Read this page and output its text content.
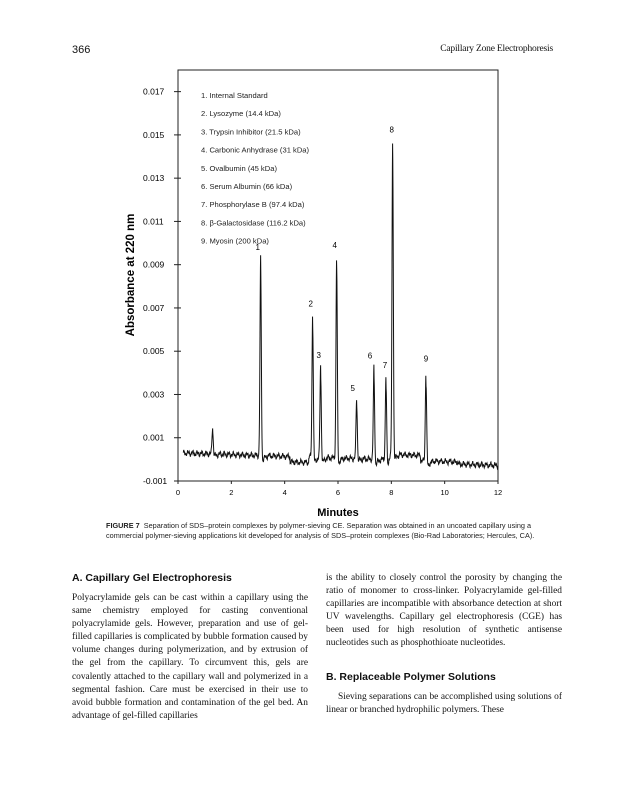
366	Capillary Zone Electrophoresis
0.017
0.015
0.013
0.011
0.009
0.007
0.005
0.003
0.001
-0.001
0	2	4	6	8	10	12
1. Internal Standard
2. Lysozyme (14.4 kDa)
3. Trypsin Inhibitor (21.5 kDa)
4. Carbonic Anhydrase (31 kDa)
5. Ovalbumin (45 kDa)
6. Serum Albumin (66 kDa)
7. Phosphorylase B (97.4 kDa)
8. β-Galactosidase (116.2 kDa)
9. Myosin (200 kDa)
1
2
3
4
5
6
7
8
9
Minutes
Absorbance at 220 nm
FIGURE 7 Separation of SDS–protein complexes by polymer-sieving CE. Separation was obtained in an uncoated capillary using a commercial polymer-sieving applications kit developed for analysis of SDS–protein complexes (Bio-Rad Laboratories; Hercules, CA).
A. Capillary Gel Electrophoresis

Polyacrylamide gels can be cast within a capillary using the same chemistry employed for casting conventional polyacrylamide gels. However, preparation and use of gel-filled capillaries is complicated by bubble formation caused by volume changes during polymerization, and by extrusion of the gel from the capillary. To circumvent this, gels are covalently attached to the capillary wall and polymerized in a segmental fashion. Care must be exercised in their use to avoid bubble formation and contamination of the gel bed. An advantage of gel-filled capillaries

is the ability to closely control the porosity by changing the ratio of monomer to cross-linker. Polyacrylamide gel-filled capillaries are incompatible with absorbance detection at short UV wavelengths. Capillary gel electrophoresis (CGE) has been used for high resolution of synthetic antisense nucleotides such as phosphothioate nucleotides.

B. Replaceable Polymer Solutions

Sieving separations can be accomplished using solutions of linear or branched hydrophilic polymers. These
